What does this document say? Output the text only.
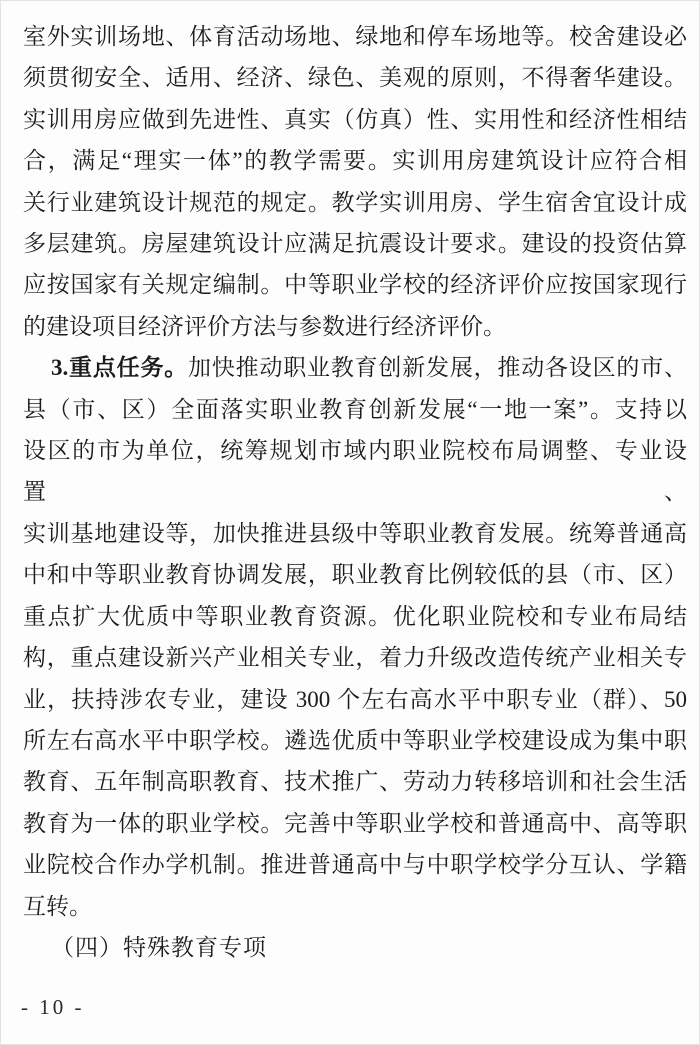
室外实训场地、体育活动场地、绿地和停车场地等。校舍建设必

须贯彻安全、适用、经济、绿色、美观的原则，不得奢华建设。

实训用房应做到先进性、真实（仿真）性、实用性和经济性相结

合，满足“理实一体”的教学需要。实训用房建筑设计应符合相

关行业建筑设计规范的规定。教学实训用房、学生宿舍宜设计成

多层建筑。房屋建筑设计应满足抗震设计要求。建设的投资估算

应按国家有关规定编制。中等职业学校的经济评价应按国家现行

的建设项目经济评价方法与参数进行经济评价。

3.重点任务。加快推动职业教育创新发展，推动各设区的市、

县（市、区）全面落实职业教育创新发展“一地一案”。支持以

设区的市为单位，统筹规划市域内职业院校布局调整、专业设置、

实训基地建设等，加快推进县级中等职业教育发展。统筹普通高

中和中等职业教育协调发展，职业教育比例较低的县（市、区）

重点扩大优质中等职业教育资源。优化职业院校和专业布局结

构，重点建设新兴产业相关专业，着力升级改造传统产业相关专

业，扶持涉农专业，建设 300 个左右高水平中职专业（群）、50

所左右高水平中职学校。遴选优质中等职业学校建设成为集中职

教育、五年制高职教育、技术推广、劳动力转移培训和社会生活

教育为一体的职业学校。完善中等职业学校和普通高中、高等职

业院校合作办学机制。推进普通高中与中职学校学分互认、学籍

互转。

（四）特殊教育专项

- 10 -
